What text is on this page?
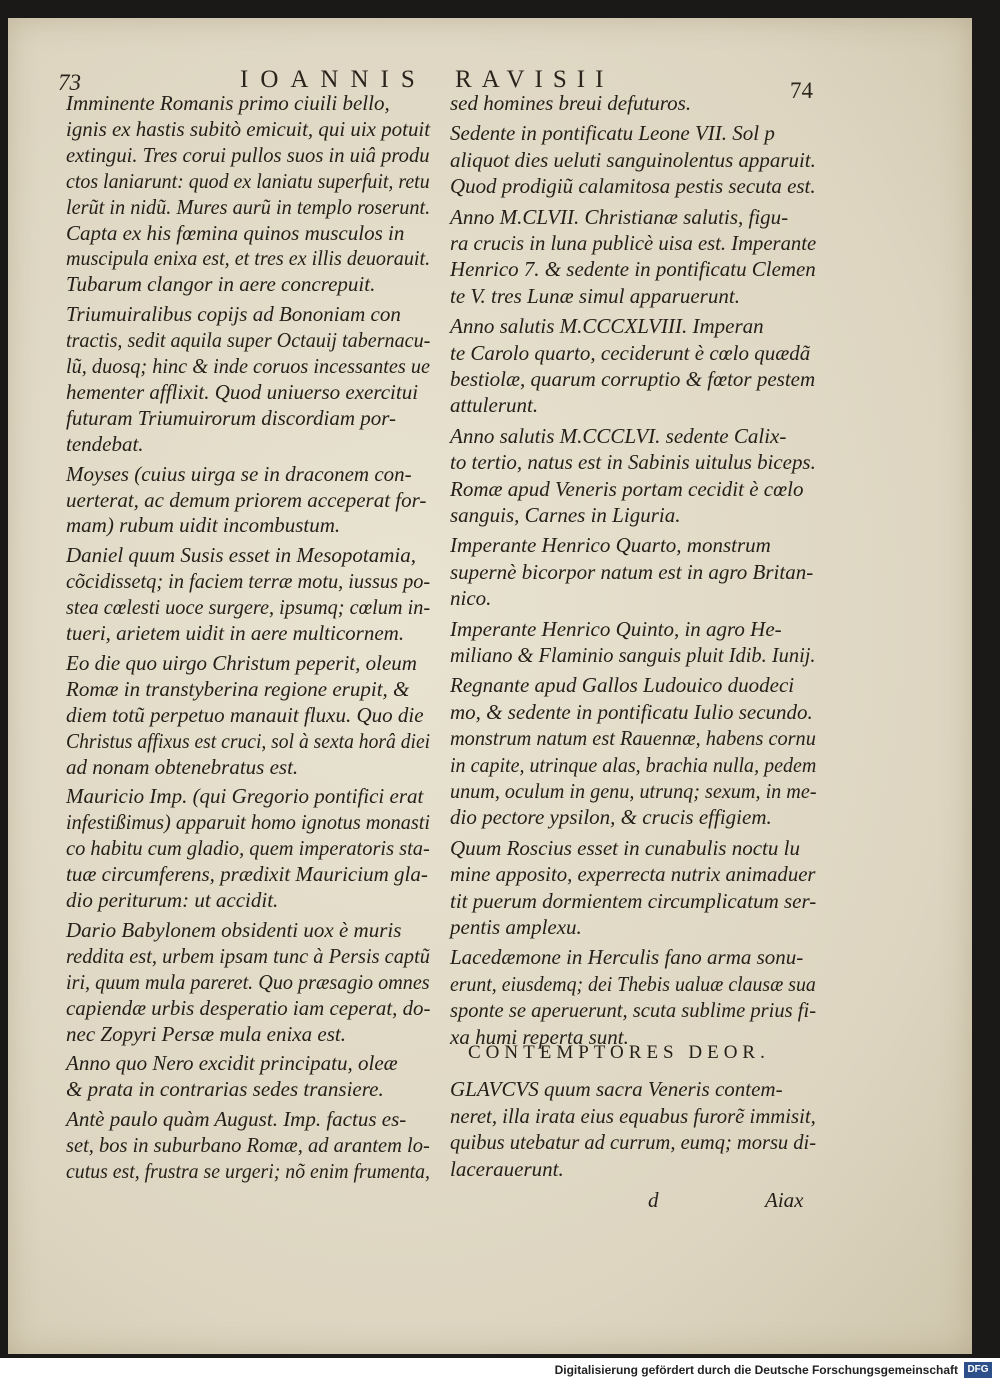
73	IOANNIS RAVISII	74
Imminente Romanis primo ciuili bello,
ignis ex hastis subitò emicuit, qui uix potuit
extingui. Tres corui pullos suos in uiâ produ
ctos laniarunt: quod ex laniatu superfuit, retu
lerũt in nidũ. Mures aurũ in templo roserunt.
Capta ex his fœmina quinos musculos in
muscipula enixa est, et tres ex illis deuorauit.
Tubarum clangor in aere concrepuit.
Triumuiralibus copijs ad Bononiam con
tractis, sedit aquila super Octauij tabernacu-
lũ, duosq; hinc & inde coruos incessantes ue
hementer afflixit. Quod uniuerso exercitui
futuram Triumuirorum discordiam por-
tendebat.
Moyses (cuius uirga se in draconem con-
uerterat, ac demum priorem acceperat for-
mam) rubum uidit incombustum.
Daniel quum Susis esset in Mesopotamia,
cõcidissetq; in faciem terræ motu, iussus po-
stea cœlesti uoce surgere, ipsumq; cœlum in-
tueri, arietem uidit in aere multicornem.
Eo die quo uirgo Christum peperit, oleum
Romæ in transtyberina regione erupit, &
diem totũ perpetuo manauit fluxu. Quo die
Christus affixus est cruci, sol à sexta horâ diei
ad nonam obtenebratus est.
Mauricio Imp. (qui Gregorio pontifici erat
infestißimus) apparuit homo ignotus monasti
co habitu cum gladio, quem imperatoris sta-
tuæ circumferens, prædixit Mauricium gla-
dio periturum: ut accidit.
Dario Babylonem obsidenti uox è muris
reddita est, urbem ipsam tunc à Persis captũ
iri, quum mula pareret. Quo præsagio omnes
capiendæ urbis desperatio iam ceperat, do-
nec Zopyri Persæ mula enixa est.
Anno quo Nero excidit principatu, oleæ
& prata in contrarias sedes transiere.
Antè paulo quàm August. Imp. factus es-
set, bos in suburbano Romæ, ad arantem lo-
cutus est, frustra se urgeri; nõ enim frumenta,
sed homines breui defuturos.
Sedente in pontificatu Leone VII. Sol p
aliquot dies ueluti sanguinolentus apparuit.
Quod prodigiũ calamitosa pestis secuta est.
Anno M.CLVII. Christianæ salutis, figu-
ra crucis in luna publicè uisa est. Imperante
Henrico 7. & sedente in pontificatu Clemen
te V. tres Lunæ simul apparuerunt.
Anno salutis M.CCCXLVIII. Imperan
te Carolo quarto, ceciderunt è cœlo quædã
bestiolæ, quarum corruptio & fœtor pestem
attulerunt.
Anno salutis M.CCCLVI. sedente Calix-
to tertio, natus est in Sabinis uitulus biceps.
Romæ apud Veneris portam cecidit è cœlo
sanguis, Carnes in Liguria.
Imperante Henrico Quarto, monstrum
supernè bicorpor natum est in agro Britan-
nico.
Imperante Henrico Quinto, in agro He-
miliano & Flaminio sanguis pluit Idib. Iunij.
Regnante apud Gallos Ludouico duodeci
mo, & sedente in pontificatu Iulio secundo.
monstrum natum est Rauennæ, habens cornu
in capite, utrinque alas, brachia nulla, pedem
unum, oculum in genu, utrunq; sexum, in me-
dio pectore ypsilon, & crucis effigiem.
Quum Roscius esset in cunabulis noctu lu
mine apposito, experrecta nutrix animaduer
tit puerum dormientem circumplicatum ser-
pentis amplexu.
Lacedæmone in Herculis fano arma sonu-
erunt, eiusdemq; dei Thebis ualuæ clausæ sua
sponte se aperuerunt, scuta sublime prius fi-
xa humi reperta sunt.
CONTEMPTORES DEOR.
GLAVCVS quum sacra Veneris contem-
neret, illa irata eius equabus furorẽ immisit,
quibus utebatur ad currum, eumq; morsu di-
lacerauerunt.
d	Aiax
Digitalisierung gefördert durch die Deutsche Forschungsgemeinschaft DFG
